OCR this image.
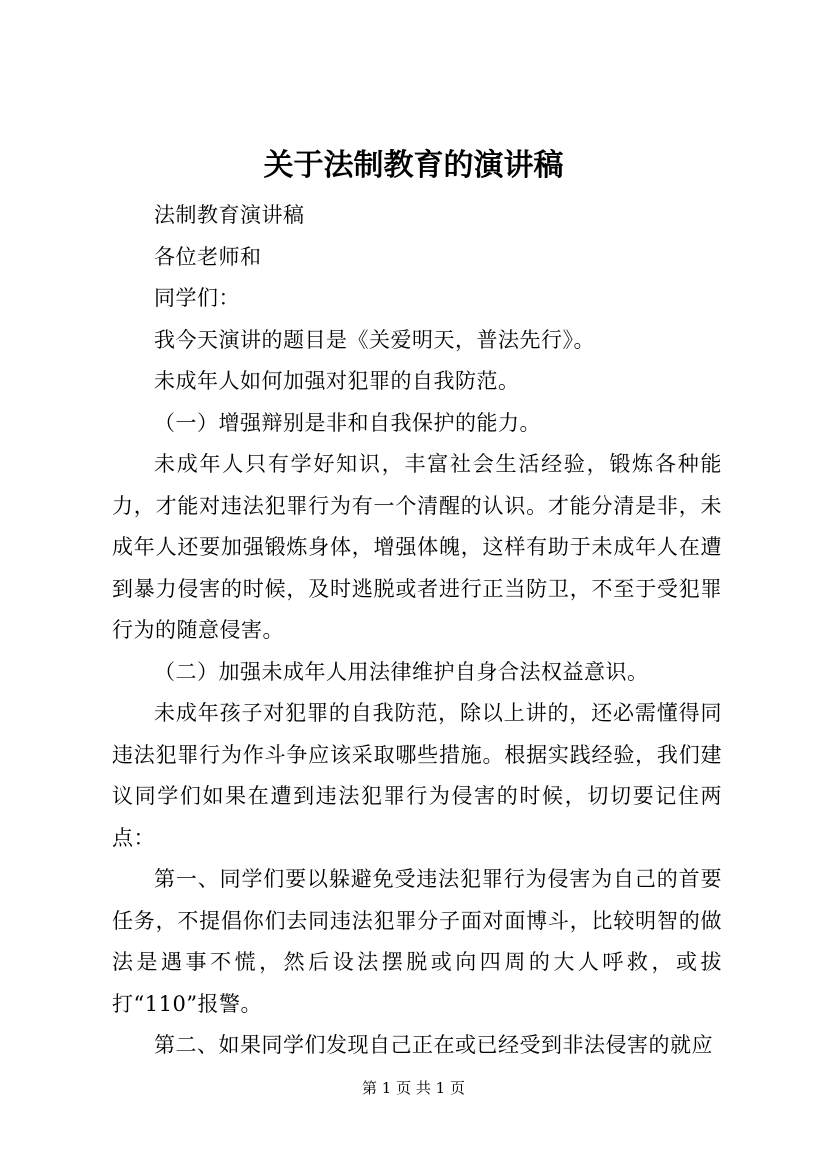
关于法制教育的演讲稿

法制教育演讲稿

各位老师和

同学们：

我今天演讲的题目是《关爱明天，普法先行》。

未成年人如何加强对犯罪的自我防范。

（一）增强辩别是非和自我保护的能力。

未成年人只有学好知识，丰富社会生活经验，锻炼各种能力，才能对违法犯罪行为有一个清醒的认识。才能分清是非，未成年人还要加强锻炼身体，增强体魄，这样有助于未成年人在遭到暴力侵害的时候，及时逃脱或者进行正当防卫，不至于受犯罪行为的随意侵害。

（二）加强未成年人用法律维护自身合法权益意识。

未成年孩子对犯罪的自我防范，除以上讲的，还必需懂得同违法犯罪行为作斗争应该采取哪些措施。根据实践经验，我们建议同学们如果在遭到违法犯罪行为侵害的时候，切切要记住两点：

第一、同学们要以躲避免受违法犯罪行为侵害为自己的首要任务，不提倡你们去同违法犯罪分子面对面博斗，比较明智的做法是遇事不慌，然后设法摆脱或向四周的大人呼救，或拔打“110”报警。

第二、如果同学们发现自己正在或已经受到非法侵害的就应

第 1 页 共 1 页
